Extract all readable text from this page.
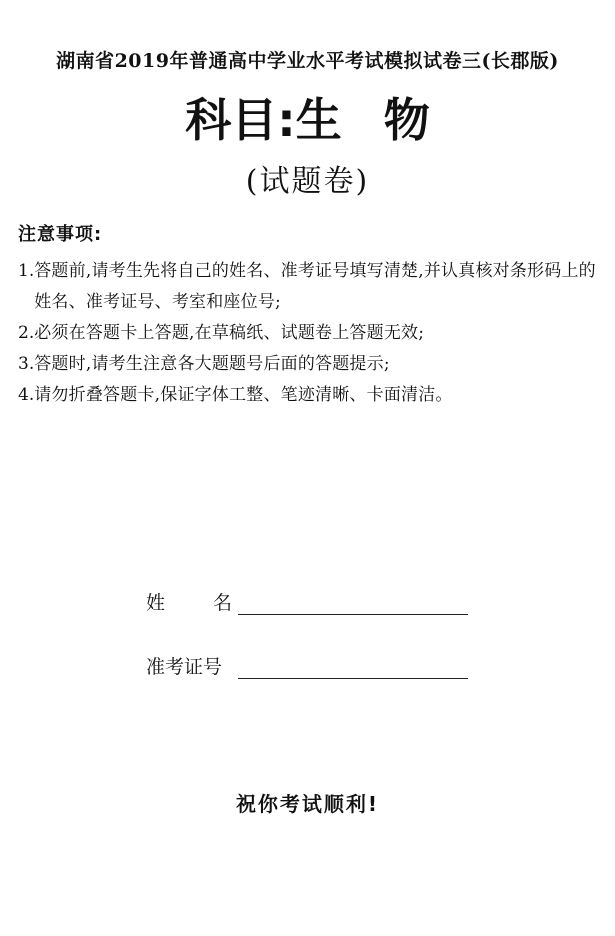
湖南省2019年普通高中学业水平考试模拟试卷三(长郡版)
科目:生 物
(试题卷)
注意事项:
1. 答题前,请考生先将自己的姓名、准考证号填写清楚,并认真核对条形码上的姓名、准考证号、考室和座位号;
2. 必须在答题卡上答题,在草稿纸、试题卷上答题无效;
3. 答题时,请考生注意各大题题号后面的答题提示;
4. 请勿折叠答题卡,保证字体工整、笔迹清晰、卡面清洁。
姓名
准考证号
祝你考试顺利!
